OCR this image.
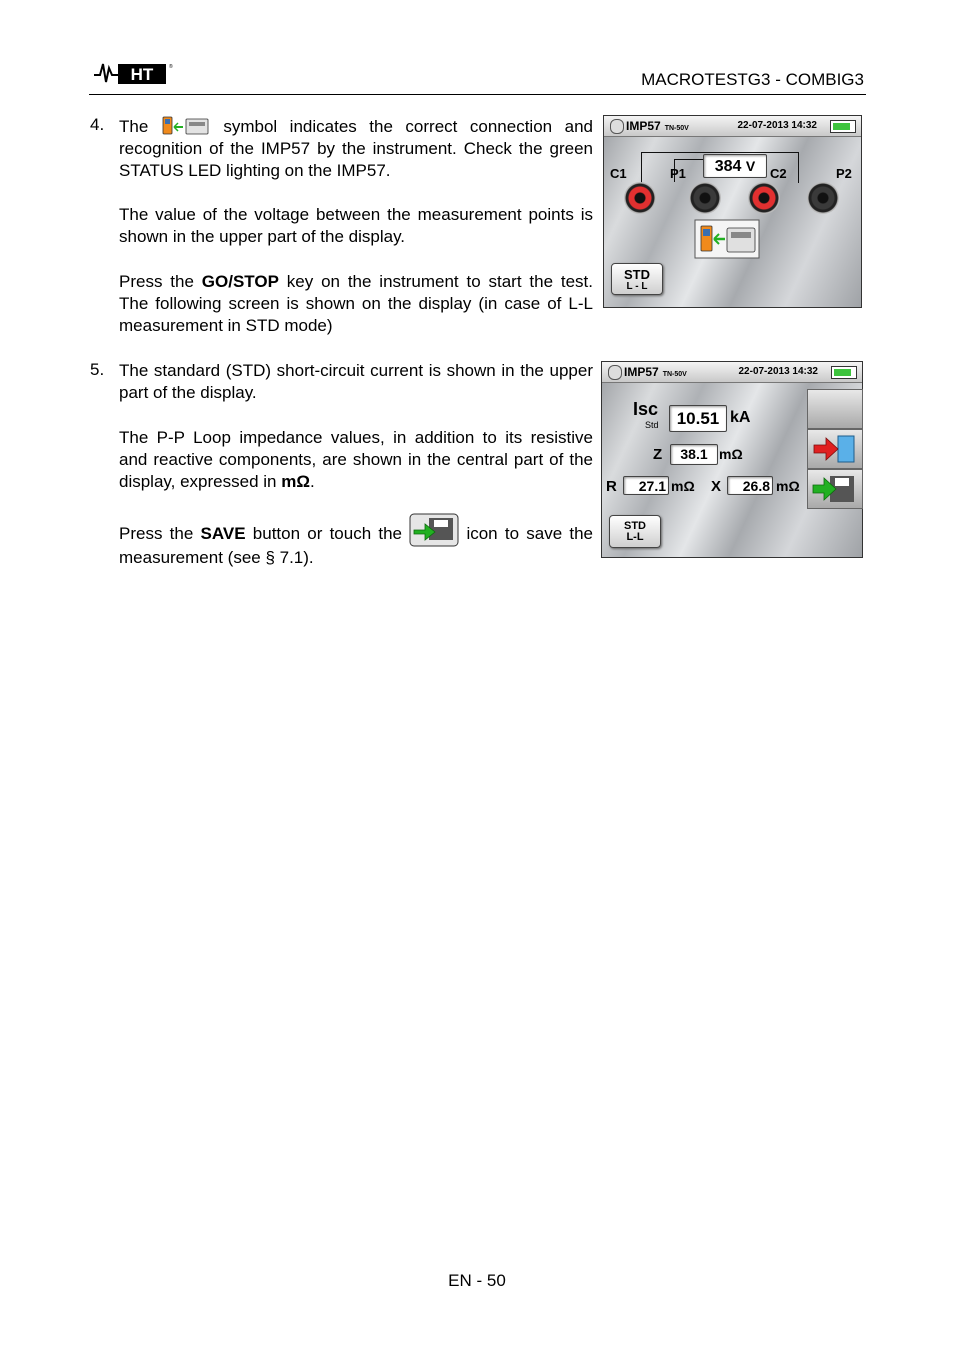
HT	®
MACROTESTG3 - COMBIG3
4. The	symbol indicates the correct connection and recognition of the IMP57 by the instrument. Check the green STATUS LED lighting on the IMP57.

The value of the voltage between the measurement points is shown in the upper part of the display.

Press the GO/STOP key on the instrument to start the test. The following screen is shown on the display (in case of L-L measurement in STD mode)

IMP57 TN-50V	22-07-2013 14:32
384 V
C1	P1	C2	P2
STD
L - L
5. The standard (STD) short-circuit current is shown in the upper part of the display.

The P-P Loop impedance values, in addition to its resistive and reactive components, are shown in the central part of the display, expressed in mΩ.

Press the SAVE button or touch the	icon to save the measurement (see § 7.1).

IMP57 TN-50V	22-07-2013 14:32
Isc
Std	10.51 kA
Z	38.1 mΩ
R	27.1 mΩ X	26.8 mΩ
STD
L-L
EN - 50
